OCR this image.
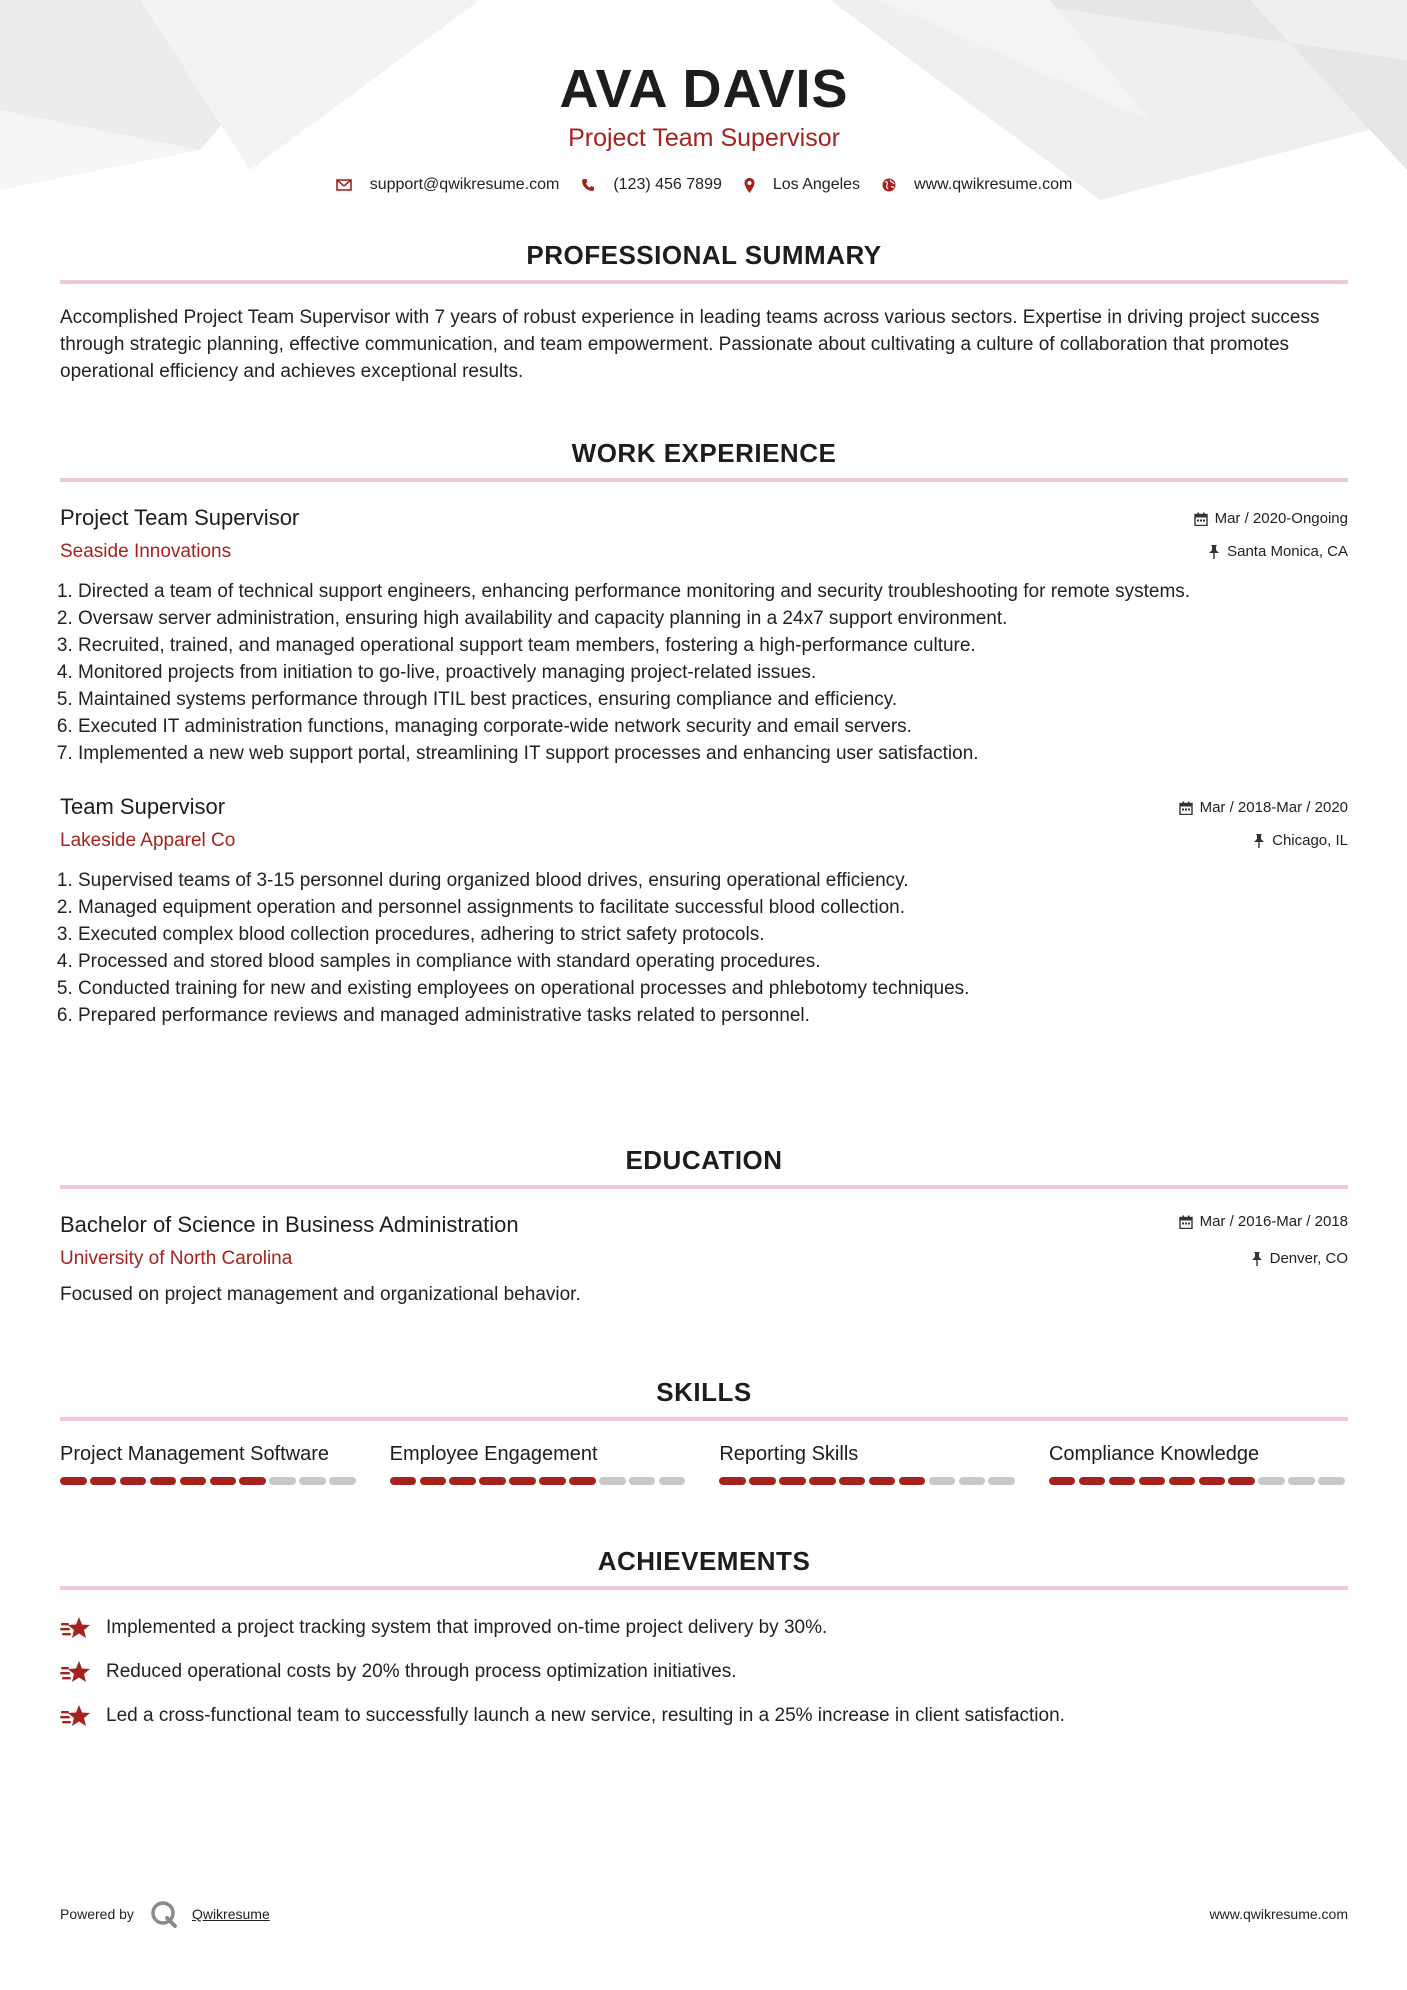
AVA DAVIS
Project Team Supervisor
support@qwikresume.com	(123) 456 7899	Los Angeles	www.qwikresume.com
PROFESSIONAL SUMMARY
Accomplished Project Team Supervisor with 7 years of robust experience in leading teams across various sectors. Expertise in driving project success through strategic planning, effective communication, and team empowerment. Passionate about cultivating a culture of collaboration that promotes operational efficiency and achieves exceptional results.
WORK EXPERIENCE
Mar / 2020-Ongoing
Santa Monica, CA
Project Team Supervisor
Seaside Innovations
1. Directed a team of technical support engineers, enhancing performance monitoring and security troubleshooting for remote systems.
2. Oversaw server administration, ensuring high availability and capacity planning in a 24x7 support environment.
3. Recruited, trained, and managed operational support team members, fostering a high-performance culture.
4. Monitored projects from initiation to go-live, proactively managing project-related issues.
5. Maintained systems performance through ITIL best practices, ensuring compliance and efficiency.
6. Executed IT administration functions, managing corporate-wide network security and email servers.
7. Implemented a new web support portal, streamlining IT support processes and enhancing user satisfaction.
Mar / 2018-Mar / 2020
Chicago, IL
Team Supervisor
Lakeside Apparel Co
1. Supervised teams of 3-15 personnel during organized blood drives, ensuring operational efficiency.
2. Managed equipment operation and personnel assignments to facilitate successful blood collection.
3. Executed complex blood collection procedures, adhering to strict safety protocols.
4. Processed and stored blood samples in compliance with standard operating procedures.
5. Conducted training for new and existing employees on operational processes and phlebotomy techniques.
6. Prepared performance reviews and managed administrative tasks related to personnel.
EDUCATION
Mar / 2016-Mar / 2018
Denver, CO
Bachelor of Science in Business Administration
University of North Carolina
Focused on project management and organizational behavior.
SKILLS
Project Management Software	Employee Engagement	Reporting Skills	Compliance Knowledge
ACHIEVEMENTS
Implemented a project tracking system that improved on-time project delivery by 30%.
Reduced operational costs by 20% through process optimization initiatives.
Led a cross-functional team to successfully launch a new service, resulting in a 25% increase in client satisfaction.
Powered by	Qwikresume	www.qwikresume.com
